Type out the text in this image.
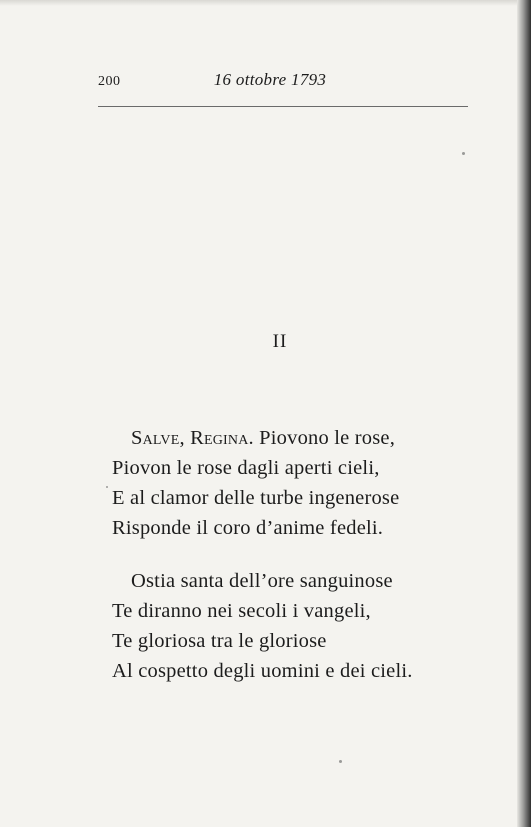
200	16 ottobre 1793
II
Salve, Regina. Piovono le rose,
Piovon le rose dagli aperti cieli,
E al clamor delle turbe ingenerose
Risponde il coro d’anime fedeli.
Ostia santa dell’ore sanguinose
Te diranno nei secoli i vangeli,
Te gloriosa tra le gloriose
Al cospetto degli uomini e dei cieli.
